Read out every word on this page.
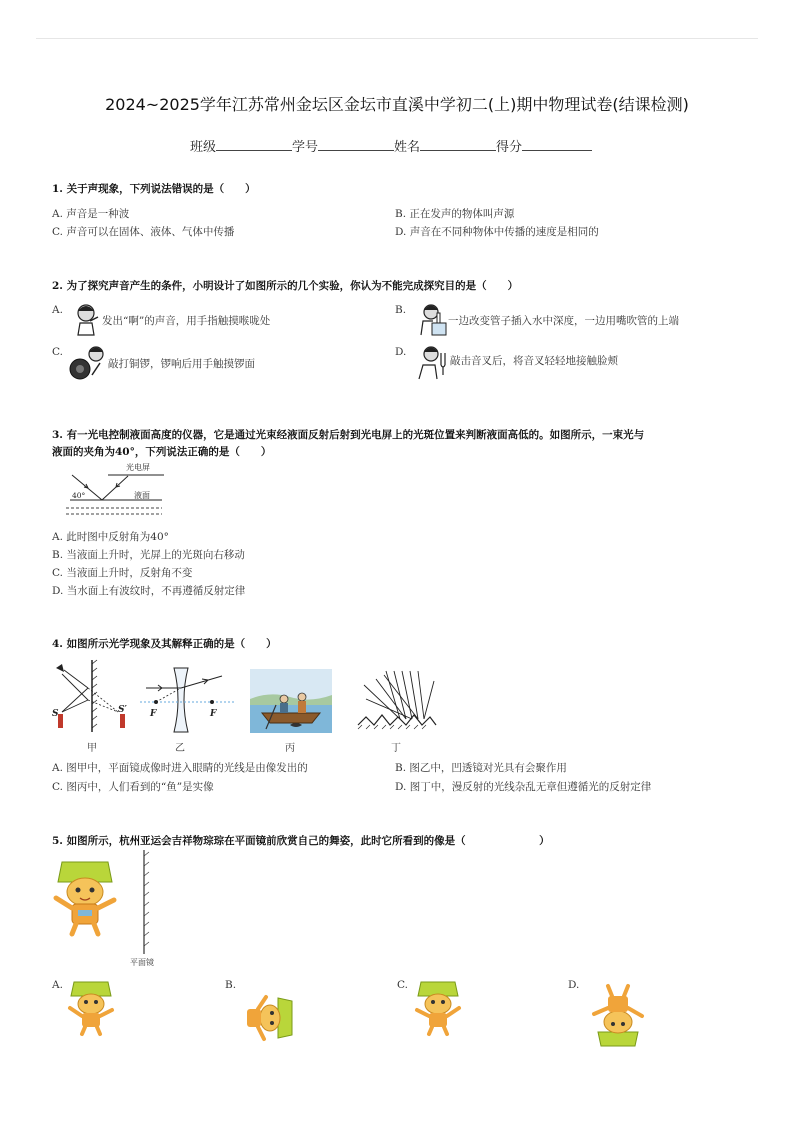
2024~2025学年江苏常州金坛区金坛市直溪中学初二(上)期中物理试卷(结课检测)
班级	学号	姓名	得分
1. 关于声现象，下列说法错误的是（　　）
A. 声音是一种波	B. 正在发声的物体叫声源
C. 声音可以在固体、液体、气体中传播	D. 声音在不同种物体中传播的速度是相同的
2. 为了探究声音产生的条件，小明设计了如图所示的几个实验，你认为不能完成探究目的是（　　）
A.
发出“啊”的声音，用手指触摸喉咙处
B.
一边改变管子插入水中深度，一边用嘴吹管的上端
C.
敲打铜锣，锣响后用手触摸锣面
D.
敲击音叉后，将音叉轻轻地接触脸颊
3. 有一光电控制液面高度的仪器，它是通过光束经液面反射后射到光电屏上的光斑位置来判断液面高低的。如图所示，一束光与
液面的夹角为40°，下列说法正确的是（　　）
光电屏
40°	液面
A. 此时图中反射角为40°
B. 当液面上升时，光屏上的光斑向右移动
C. 当液面上升时，反射角不变
D. 当水面上有波纹时，不再遵循反射定律
4. 如图所示光学现象及其解释正确的是（　　）
S	S′
甲
F	F
乙	丙	丁
A. 图甲中，平面镜成像时进入眼睛的光线是由像发出的	B. 图乙中，凹透镜对光具有会聚作用
C. 图丙中，人们看到的“鱼”是实像	D. 图丁中，漫反射的光线杂乱无章但遵循光的反射定律
5. 如图所示，杭州亚运会吉祥物琮琮在平面镜前欣赏自己的舞姿，此时它所看到的像是（　　　　　　　）
平面镜
A.	B.	C.	D.
